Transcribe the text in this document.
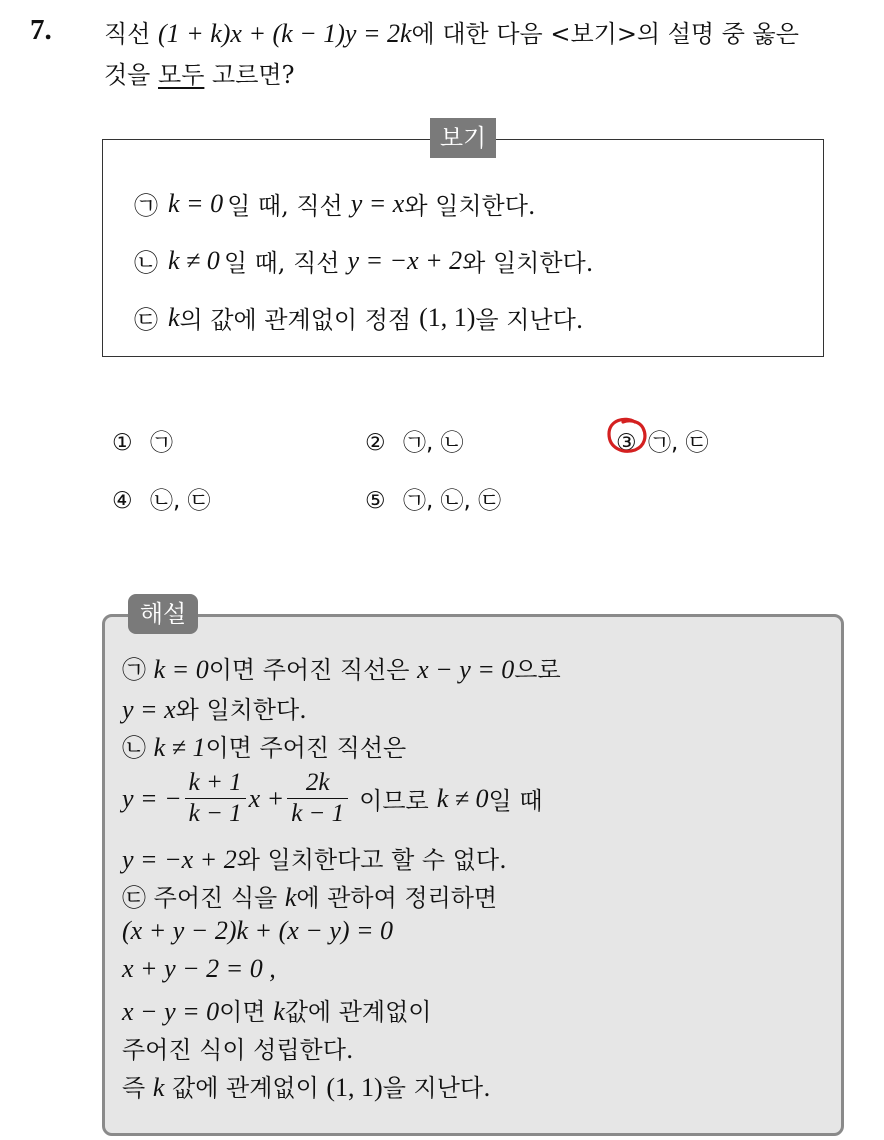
7. 직선 (1 + k)x + (k − 1)y = 2k에 대한 다음 <보기>의 설명 중 옳은
것을 모두 고르면?
보기
㉠ k = 0 일 때, 직선 y = x 와 일치한다.
㉡ k ≠ 0 일 때, 직선 y = −x + 2 와 일치한다.
㉢ k 의 값에 관계없이 정점 (1, 1) 을 지난다.
① ㉠	② ㉠, ㉡	③ ㉠, ㉢
④ ㉡, ㉢	⑤ ㉠, ㉡, ㉢
해설
㉠ k = 0이면 주어진 직선은 x − y = 0으로
y = x와 일치한다.
㉡ k ≠ 1이면 주어진 직선은
y = − $\frac{k + 1}{k - 1}$ $x + \frac{2k}{k - 1}$ 이므로 k ≠ 0 일 때
y = −x + 2와 일치한다고 할 수 없다.
㉢ 주어진 식을 k에 관하여 정리하면
(x + y − 2)k + (x − y) = 0
x + y − 2 = 0 ,
x − y = 0이면 k값에 관계없이
주어진 식이 성립한다.
즉 k 값에 관계없이 (1, 1)을 지난다.
